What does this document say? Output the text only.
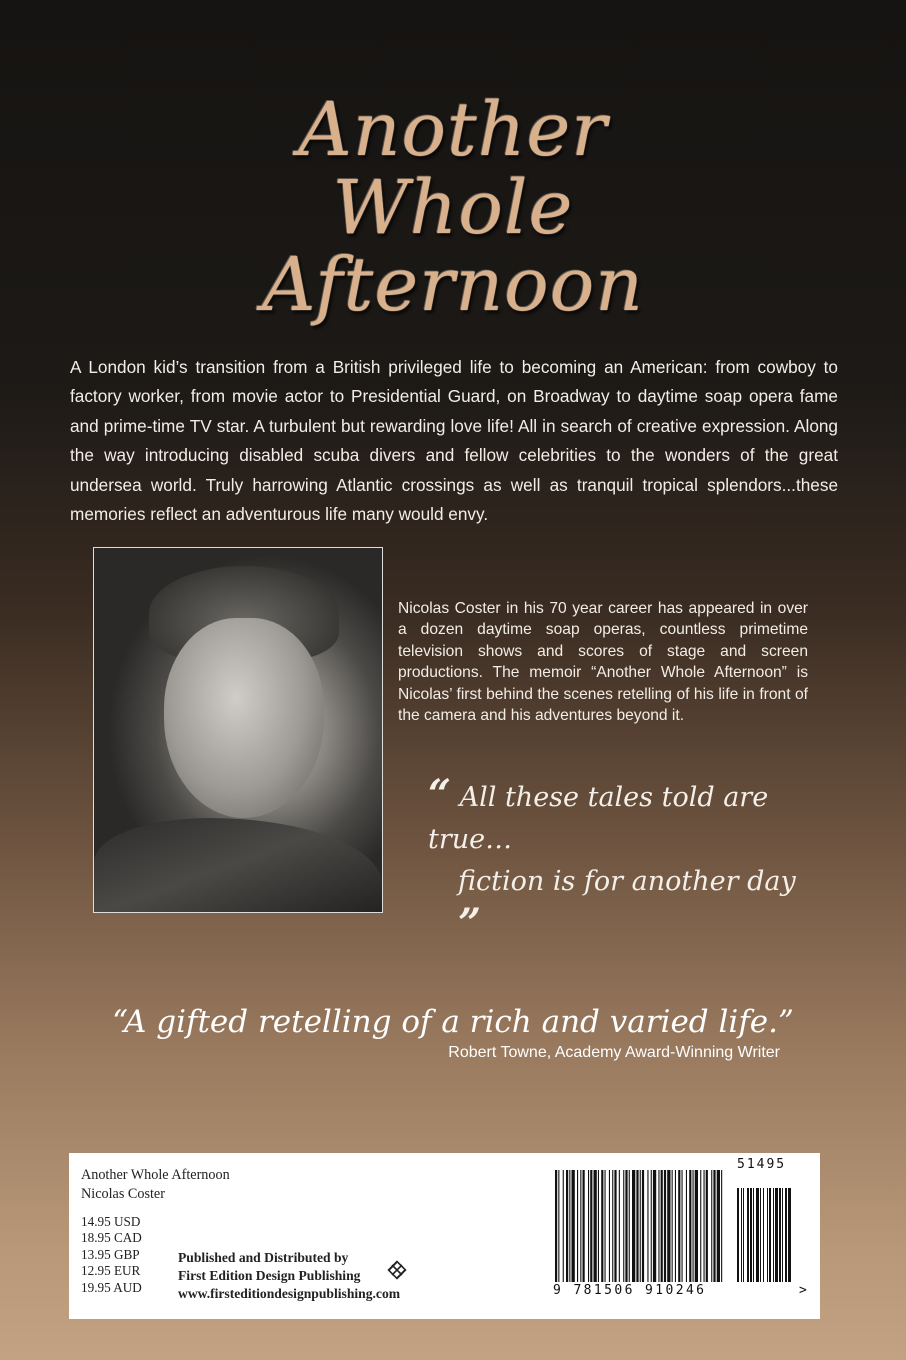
Another
Whole
Afternoon
A London kid’s transition from a British privileged life to becoming an American: from cowboy to factory worker, from movie actor to Presidential Guard, on Broadway to daytime soap opera fame and prime-time TV star. A turbulent but rewarding love life! All in search of creative expression. Along the way introducing disabled scuba divers and fellow celebrities to the wonders of the great undersea world. Truly harrowing Atlantic crossings as well as tranquil tropical splendors...these memories reflect an adventurous life many would envy.
Nicolas Coster in his 70 year career has appeared in over a dozen daytime soap operas, countless primetime television shows and scores of stage and screen productions. The memoir “Another Whole Afternoon” is Nicolas’ first behind the scenes retelling of his life in front of the camera and his adventures beyond it.
“ All these tales told are true…
fiction is for another day ”
“A gifted retelling of a rich and varied life.”
Robert Towne, Academy Award-Winning Writer
Another Whole Afternoon
Nicolas Coster
14.95 USD
18.95 CAD
13.95 GBP
12.95 EUR
19.95 AUD
Published and Distributed by
First Edition Design Publishing
www.firsteditiondesignpublishing.com
51495
9 781506 910246	>
